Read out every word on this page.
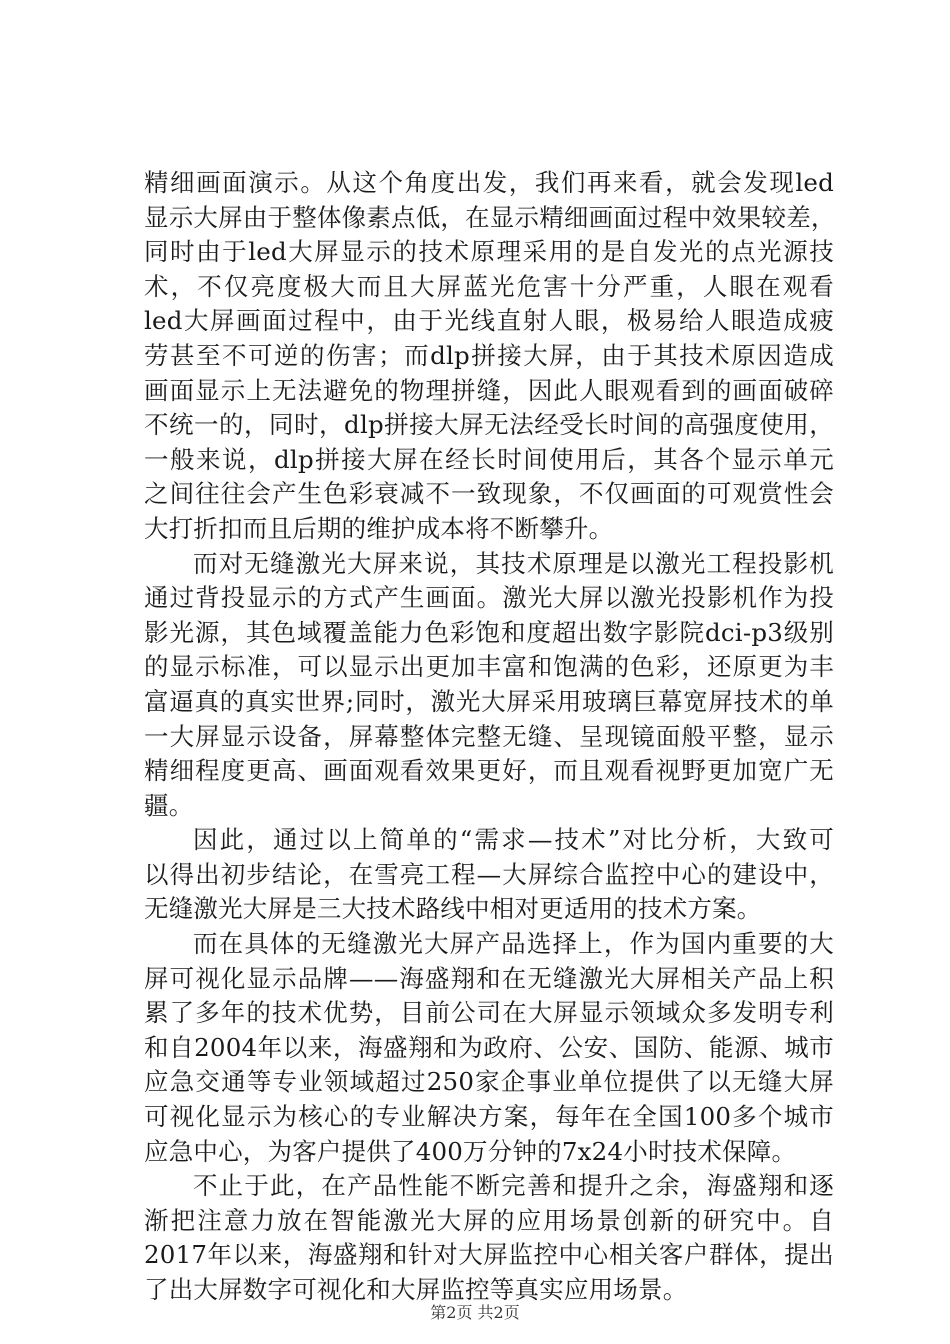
精细画面演示。从这个角度出发，我们再来看，就会发现led
显示大屏由于整体像素点低，在显示精细画面过程中效果较差，
同时由于led大屏显示的技术原理采用的是自发光的点光源技
术，不仅亮度极大而且大屏蓝光危害十分严重，人眼在观看
led大屏画面过程中，由于光线直射人眼，极易给人眼造成疲
劳甚至不可逆的伤害；而dlp拼接大屏，由于其技术原因造成
画面显示上无法避免的物理拼缝，因此人眼观看到的画面破碎
不统一的，同时，dlp拼接大屏无法经受长时间的高强度使用，
一般来说，dlp拼接大屏在经长时间使用后，其各个显示单元
之间往往会产生色彩衰减不一致现象，不仅画面的可观赏性会
大打折扣而且后期的维护成本将不断攀升。
而对无缝激光大屏来说，其技术原理是以激光工程投影机
通过背投显示的方式产生画面。激光大屏以激光投影机作为投
影光源，其色域覆盖能力色彩饱和度超出数字影院dci-p3级别
的显示标准，可以显示出更加丰富和饱满的色彩，还原更为丰
富逼真的真实世界;同时，激光大屏采用玻璃巨幕宽屏技术的单
一大屏显示设备，屏幕整体完整无缝、呈现镜面般平整，显示
精细程度更高、画面观看效果更好，而且观看视野更加宽广无
疆。
因此，通过以上简单的“需求—技术”对比分析，大致可
以得出初步结论，在雪亮工程—大屏综合监控中心的建设中，
无缝激光大屏是三大技术路线中相对更适用的技术方案。
而在具体的无缝激光大屏产品选择上，作为国内重要的大
屏可视化显示品牌——海盛翔和在无缝激光大屏相关产品上积
累了多年的技术优势，目前公司在大屏显示领域众多发明专利
和自2004年以来，海盛翔和为政府、公安、国防、能源、城市
应急交通等专业领域超过250家企事业单位提供了以无缝大屏
可视化显示为核心的专业解决方案，每年在全国100多个城市
应急中心，为客户提供了400万分钟的7x24小时技术保障。
不止于此，在产品性能不断完善和提升之余，海盛翔和逐
渐把注意力放在智能激光大屏的应用场景创新的研究中。自
2017年以来，海盛翔和针对大屏监控中心相关客户群体，提出
了出大屏数字可视化和大屏监控等真实应用场景。
第2页 共2页
